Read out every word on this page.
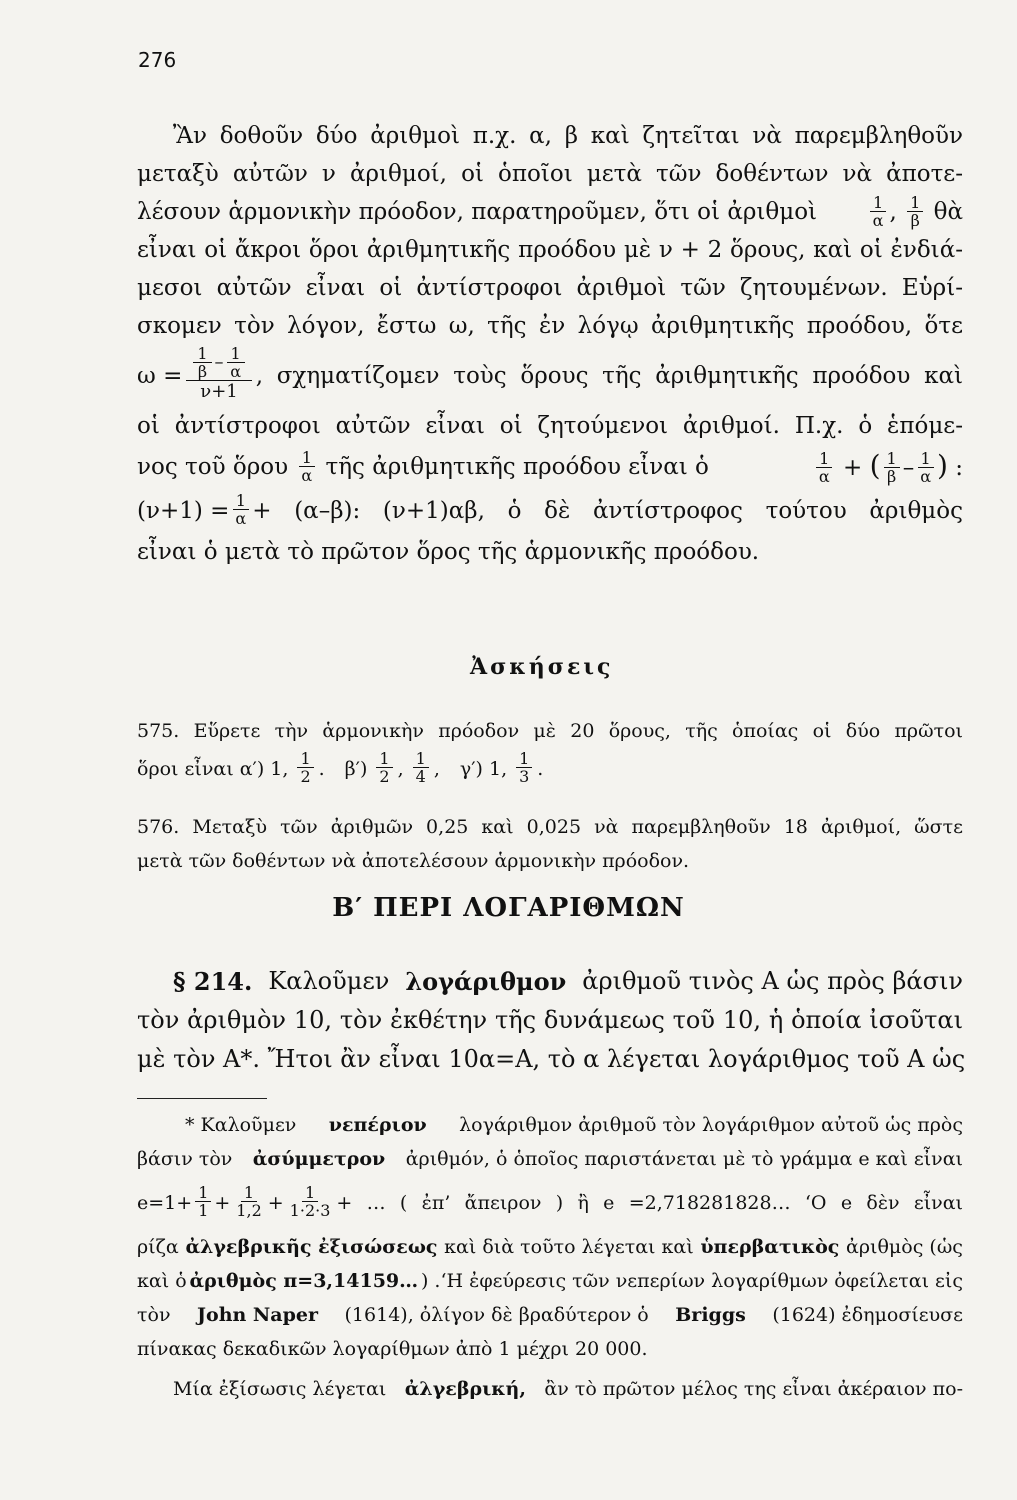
276
Ἂν δοθοῦν δύο ἀριθμοὶ π.χ. α, β καὶ ζητεῖται νὰ παρεμβληθοῦν
μεταξὺ αὐτῶν ν ἀριθμοί, οἱ ὁποῖοι μετὰ τῶν δοθέντων νὰ ἀποτε-
λέσουν ἁρμονικὴν πρόοδον, παρατηροῦμεν, ὅτι οἱ ἀριθμοὶ	$\frac{1}{\alpha}$ , $\frac{1}{\beta}$ θὰ
εἶναι οἱ ἄκροι ὅροι ἀριθμητικῆς προόδου μὲ ν + 2 ὅρους, καὶ οἱ ἐνδιά-
μεσοι αὐτῶν εἶναι οἱ ἀντίστροφοι ἀριθμοὶ τῶν ζητουμένων. Εὑρί-
σκομεν τὸν λόγον, ἔστω ω, τῆς ἐν λόγῳ ἀριθμητικῆς προόδου, ὅτε
$\omega = \frac{\frac{1}{\beta} - \frac{1}{\alpha}}{\nu+1}$ , σχηματίζομεν τοὺς ὅρους τῆς ἀριθμητικῆς προόδου καὶ
οἱ ἀντίστροφοι αὐτῶν εἶναι οἱ ζητούμενοι ἀριθμοί. Π.χ. ὁ ἑπόμε-
νος τοῦ ὅρου $\frac{1}{\alpha}$ τῆς ἀριθμητικῆς προόδου εἶναι ὁ	$\frac{1}{\alpha}$ + ( $\frac{1}{\beta} - \frac{1}{\alpha}$ ) :
$(\nu+1) = \frac{1}{\alpha} + (\alpha-\beta)$: (ν+1)αβ, ὁ δὲ ἀντίστροφος τούτου ἀριθμὸς
εἶναι ὁ μετὰ τὸ πρῶτον ὅρος τῆς ἁρμονικῆς προόδου.
Ἀσκήσεις
575. Εὕρετε τὴν ἁρμονικὴν πρόοδον μὲ 20 ὅρους, τῆς ὁποίας οἱ δύο πρῶτοι
ὅροι εἶναι α′) 1, $\frac{1}{2}$ . $\beta') \frac{1}{2}$ , $\frac{1}{4}$ , γ′) 1, $\frac{1}{3}$ .
576. Μεταξὺ τῶν ἀριθμῶν 0,25 καὶ 0,025 νὰ παρεμβληθοῦν 18 ἀριθμοί, ὥστε
μετὰ τῶν δοθέντων νὰ ἀποτελέσουν ἁρμονικὴν πρόοδον.
Β′ ΠΕΡΙ ΛΟΓΑΡΙΘΜΩΝ
§ 214. Καλοῦμεν λογάριθμον ἀριθμοῦ τινὸς Α ὡς πρὸς βάσιν
τὸν ἀριθμὸν 10, τὸν ἐκθέτην τῆς δυνάμεως τοῦ 10, ἡ ὁποία ἰσοῦται
μὲ τὸν Α*. Ἤτοι ἂν εἶναι 10α=Α, τὸ α λέγεται λογάριθμος τοῦ Α ὡς
* Καλοῦμεν νεπέριον λογάριθμον ἀριθμοῦ τὸν λογάριθμον αὐτοῦ ὡς πρὸς
βάσιν τὸν ἀσύμμετρον ἀριθμόν, ὁ ὁποῖος παριστάνεται μὲ τὸ γράμμα e καὶ εἶναι
$e=1+ \frac{1}{1} + \frac{1}{1,2} + \frac{1}{1\cdot 2\cdot 3}$ + … ( ἐπ’ ἄπειρον ) ἢ e =2,718281828… ‘Ο e δὲν εἶναι
ρίζα ἀλγεβρικῆς ἐξισώσεως καὶ διὰ τοῦτο λέγεται καὶ ὑπερβατικὸς ἀριθμὸς (ὡς
καὶ ὁ ἀριθμὸς π=3,14159… ) .‘Η ἐφεύρεσις τῶν νεπερίων λογαρίθμων ὀφείλεται εἰς
τὸν John Naper (1614), ὀλίγον δὲ βραδύτερον ὁ Briggs (1624) ἐδημοσίευσε
πίνακας δεκαδικῶν λογαρίθμων ἀπὸ 1 μέχρι 20 000.
Μία ἐξίσωσις λέγεται ἀλγεβρική, ἂν τὸ πρῶτον μέλος της εἶναι ἀκέραιον πο-
